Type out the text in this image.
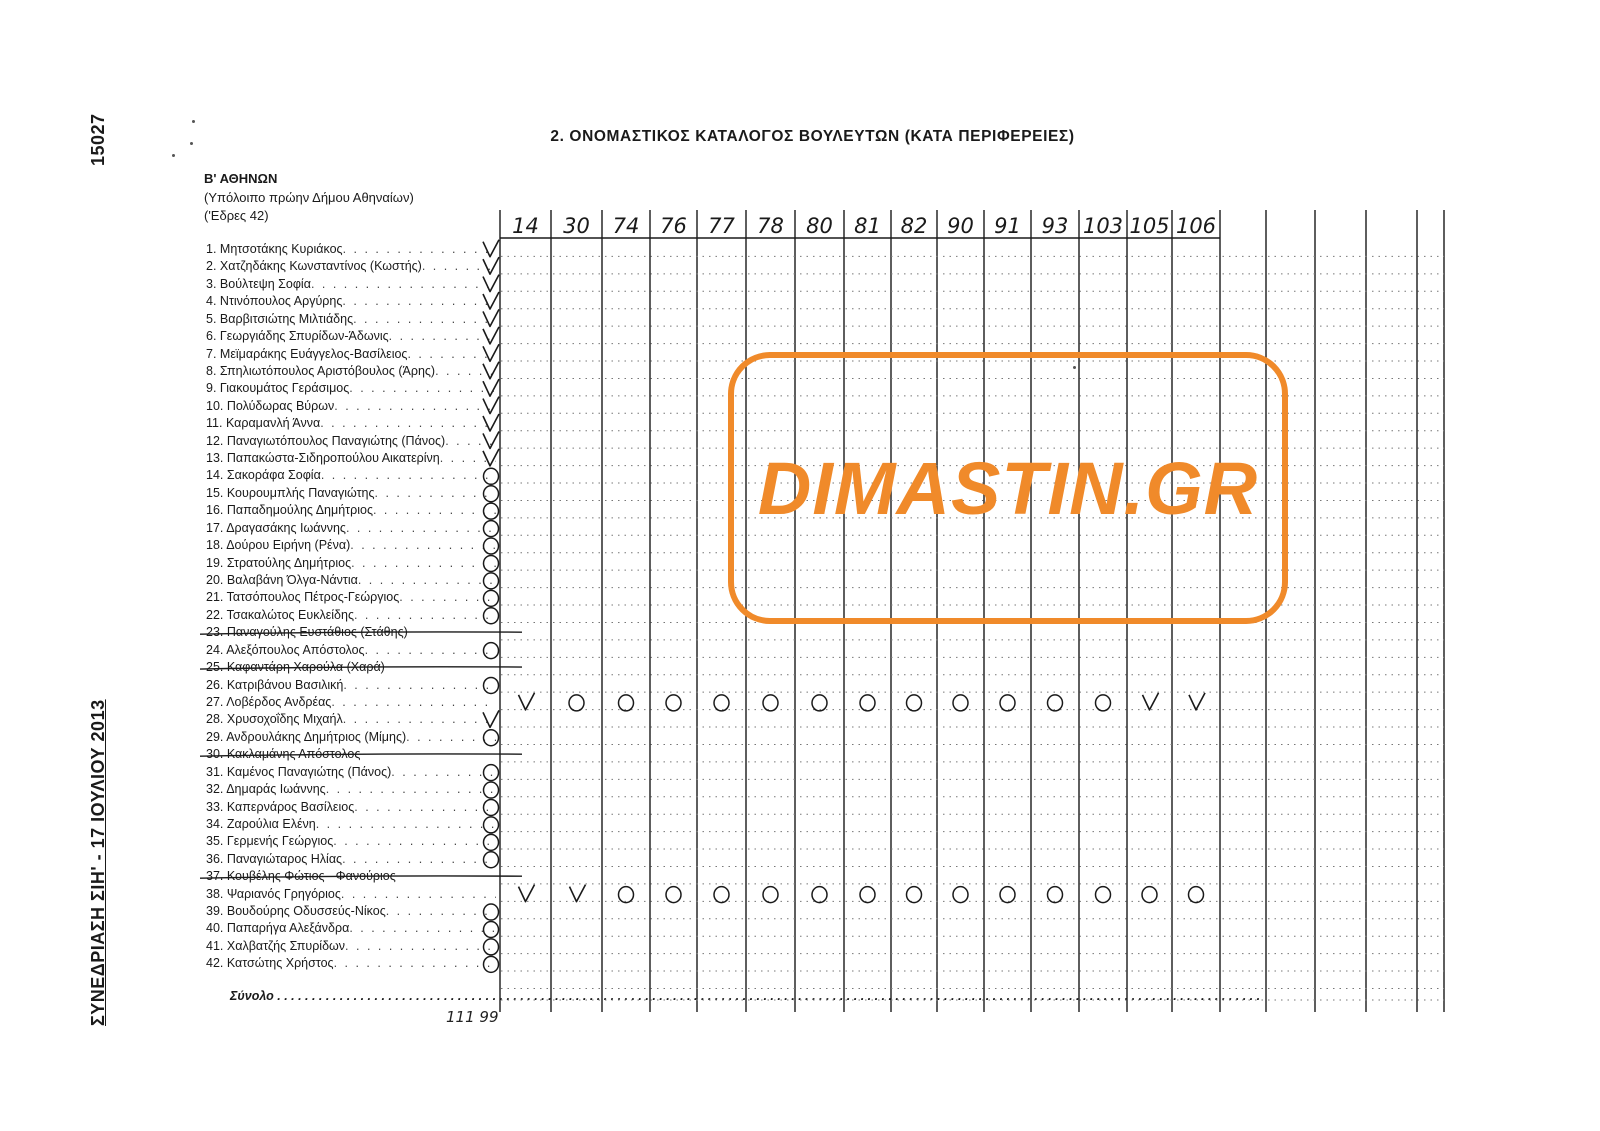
15027
ΣΥΝΕΔΡΙΑΣΗ ΣΙΗ' - 17 ΙΟΥΛΙΟΥ 2013
2. ΟΝΟΜΑΣΤΙΚΟΣ ΚΑΤΑΛΟΓΟΣ ΒΟΥΛΕΥΤΩΝ (ΚΑΤΑ ΠΕΡΙΦΕΡΕΙΕΣ)
Β' ΑΘΗΝΩΝ
(Υπόλοιπο πρώην Δήμου Αθηναίων)
('Εδρες 42)
1. Μητσοτάκης Κυριάκος
. . .
2. Χατζηδάκης Κωνσταντίνος (Κωστής)
. . .
3. Βούλτεψη Σοφία
. . .
4. Ντινόπουλος Αργύρης
. . .
5. Βαρβιτσιώτης Μιλτιάδης
. . .
6. Γεωργιάδης Σπυρίδων-Άδωνις
. . .
7. Μεϊμαράκης Ευάγγελος-Βασίλειος
. . .
8. Σπηλιωτόπουλος Αριστόβουλος (Άρης)
. . .
9. Γιακουμάτος Γεράσιμος
. . .
10. Πολύδωρας Βύρων
. . .
11. Καραμανλή Άννα
. . .
12. Παναγιωτόπουλος Παναγιώτης (Πάνος)
. . .
13. Παπακώστα-Σιδηροπούλου Αικατερίνη
. . .
14. Σακοράφα Σοφία
. . .
15. Κουρουμπλής Παναγιώτης
. . .
16. Παπαδημούλης Δημήτριος
. . .
17. Δραγασάκης Ιωάννης
. . .
18. Δούρου Ειρήνη (Ρένα)
. . .
19. Στρατούλης Δημήτριος
. . .
20. Βαλαβάνη Όλγα-Νάντια
. . .
21. Τατσόπουλος Πέτρος-Γεώργιος
. . .
22. Τσακαλώτος Ευκλείδης
. . .
23. Παναγούλης Ευστάθιος (Στάθης)
24. Αλεξόπουλος Απόστολος
. . .
25. Καφαντάρη Χαρούλα (Χαρά)
26. Κατριβάνου Βασιλική
. . .
27. Λοβέρδος Ανδρέας
. . .
28. Χρυσοχοΐδης Μιχαήλ
. . .
29. Ανδρουλάκης Δημήτριος (Μίμης)
. . .
30. Κακλαμάνης Απόστολος
31. Καμένος Παναγιώτης (Πάνος)
. . .
32. Δημαράς Ιωάννης
. . .
33. Καπερνάρος Βασίλειος
. . .
34. Ζαρούλια Ελένη
. . .
35. Γερμενής Γεώργιος
. . .
36. Παναγιώταρος Ηλίας
. . .
37. Κουβέλης Φώτιος - Φανούριος
38. Ψαριανός Γρηγόριος
. . .
39. Βουδούρης Οδυσσεύς-Νίκος
. . .
40. Παπαρήγα Αλεξάνδρα
. . .
41. Χαλβατζής Σπυρίδων
. . .
42. Κατσώτης Χρήστος
. . .
Σύνολο . . . . . . . . . . . . . . . . . . . . . . . . . . . . . . . . . . . . . . . . . . . . . . . . . . . . . . . . . . . . . . . . . . . . . . . . . . . . . . . . . . . . . . . . . . . . . . . . . . . . . . . . . . . . . . . . . . . . . . . . . . . . . . . . . . . . . . . . . . . . . .
111 99
14 30 74 76 77 78 80 81 82 90 91 93 103 105 106
DIMASTIN.GR
